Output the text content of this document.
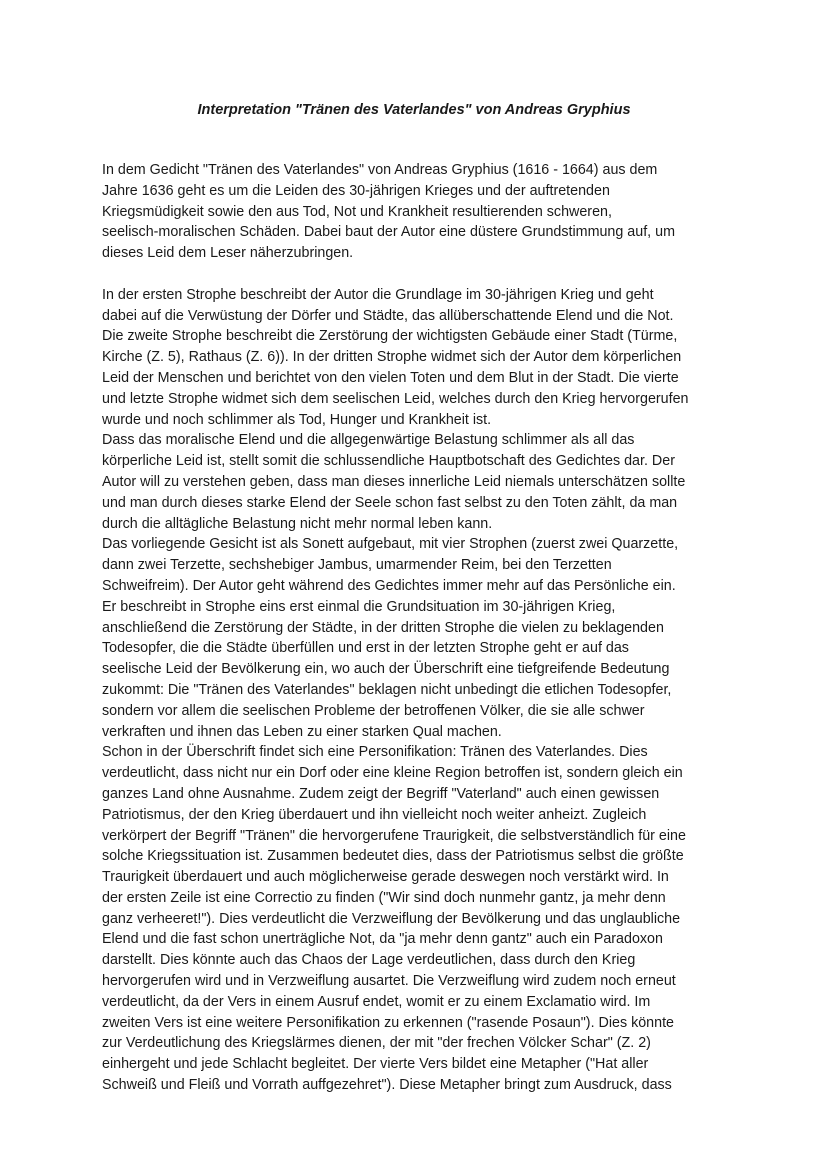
Interpretation "Tränen des Vaterlandes" von Andreas Gryphius
In dem Gedicht "Tränen des Vaterlandes" von Andreas Gryphius (1616 - 1664) aus dem
Jahre 1636 geht es um die Leiden des 30-jährigen Krieges und der auftretenden
Kriegsmüdigkeit sowie den aus Tod, Not und Krankheit resultierenden schweren,
seelisch-moralischen Schäden. Dabei baut der Autor eine düstere Grundstimmung auf, um
dieses Leid dem Leser näherzubringen.
In der ersten Strophe beschreibt der Autor die Grundlage im 30-jährigen Krieg und geht
dabei auf die Verwüstung der Dörfer und Städte, das allüberschattende Elend und die Not.
Die zweite Strophe beschreibt die Zerstörung der wichtigsten Gebäude einer Stadt (Türme,
Kirche (Z. 5), Rathaus (Z. 6)). In der dritten Strophe widmet sich der Autor dem körperlichen
Leid der Menschen und berichtet von den vielen Toten und dem Blut in der Stadt. Die vierte
und letzte Strophe widmet sich dem seelischen Leid, welches durch den Krieg hervorgerufen
wurde und noch schlimmer als Tod, Hunger und Krankheit ist.
Dass das moralische Elend und die allgegenwärtige Belastung schlimmer als all das
körperliche Leid ist, stellt somit die schlussendliche Hauptbotschaft des Gedichtes dar. Der
Autor will zu verstehen geben, dass man dieses innerliche Leid niemals unterschätzen sollte
und man durch dieses starke Elend der Seele schon fast selbst zu den Toten zählt, da man
durch die alltägliche Belastung nicht mehr normal leben kann.
Das vorliegende Gesicht ist als Sonett aufgebaut, mit vier Strophen (zuerst zwei Quarzette,
dann zwei Terzette, sechshebiger Jambus, umarmender Reim, bei den Terzetten
Schweifreim). Der Autor geht während des Gedichtes immer mehr auf das Persönliche ein.
Er beschreibt in Strophe eins erst einmal die Grundsituation im 30-jährigen Krieg,
anschließend die Zerstörung der Städte, in der dritten Strophe die vielen zu beklagenden
Todesopfer, die die Städte überfüllen und erst in der letzten Strophe geht er auf das
seelische Leid der Bevölkerung ein, wo auch der Überschrift eine tiefgreifende Bedeutung
zukommt: Die "Tränen des Vaterlandes" beklagen nicht unbedingt die etlichen Todesopfer,
sondern vor allem die seelischen Probleme der betroffenen Völker, die sie alle schwer
verkraften und ihnen das Leben zu einer starken Qual machen.
Schon in der Überschrift findet sich eine Personifikation: Tränen des Vaterlandes. Dies
verdeutlicht, dass nicht nur ein Dorf oder eine kleine Region betroffen ist, sondern gleich ein
ganzes Land ohne Ausnahme. Zudem zeigt der Begriff "Vaterland" auch einen gewissen
Patriotismus, der den Krieg überdauert und ihn vielleicht noch weiter anheizt. Zugleich
verkörpert der Begriff "Tränen" die hervorgerufene Traurigkeit, die selbstverständlich für eine
solche Kriegssituation ist. Zusammen bedeutet dies, dass der Patriotismus selbst die größte
Traurigkeit überdauert und auch möglicherweise gerade deswegen noch verstärkt wird. In
der ersten Zeile ist eine Correctio zu finden ("Wir sind doch nunmehr gantz, ja mehr denn
ganz verheeret!"). Dies verdeutlicht die Verzweiflung der Bevölkerung und das unglaubliche
Elend und die fast schon unerträgliche Not, da "ja mehr denn gantz" auch ein Paradoxon
darstellt. Dies könnte auch das Chaos der Lage verdeutlichen, dass durch den Krieg
hervorgerufen wird und in Verzweiflung ausartet. Die Verzweiflung wird zudem noch erneut
verdeutlicht, da der Vers in einem Ausruf endet, womit er zu einem Exclamatio wird. Im
zweiten Vers ist eine weitere Personifikation zu erkennen ("rasende Posaun"). Dies könnte
zur Verdeutlichung des Kriegslärmes dienen, der mit "der frechen Völcker Schar" (Z. 2)
einhergeht und jede Schlacht begleitet. Der vierte Vers bildet eine Metapher ("Hat aller
Schweiß und Fleiß und Vorrath auffgezehret"). Diese Metapher bringt zum Ausdruck, dass
